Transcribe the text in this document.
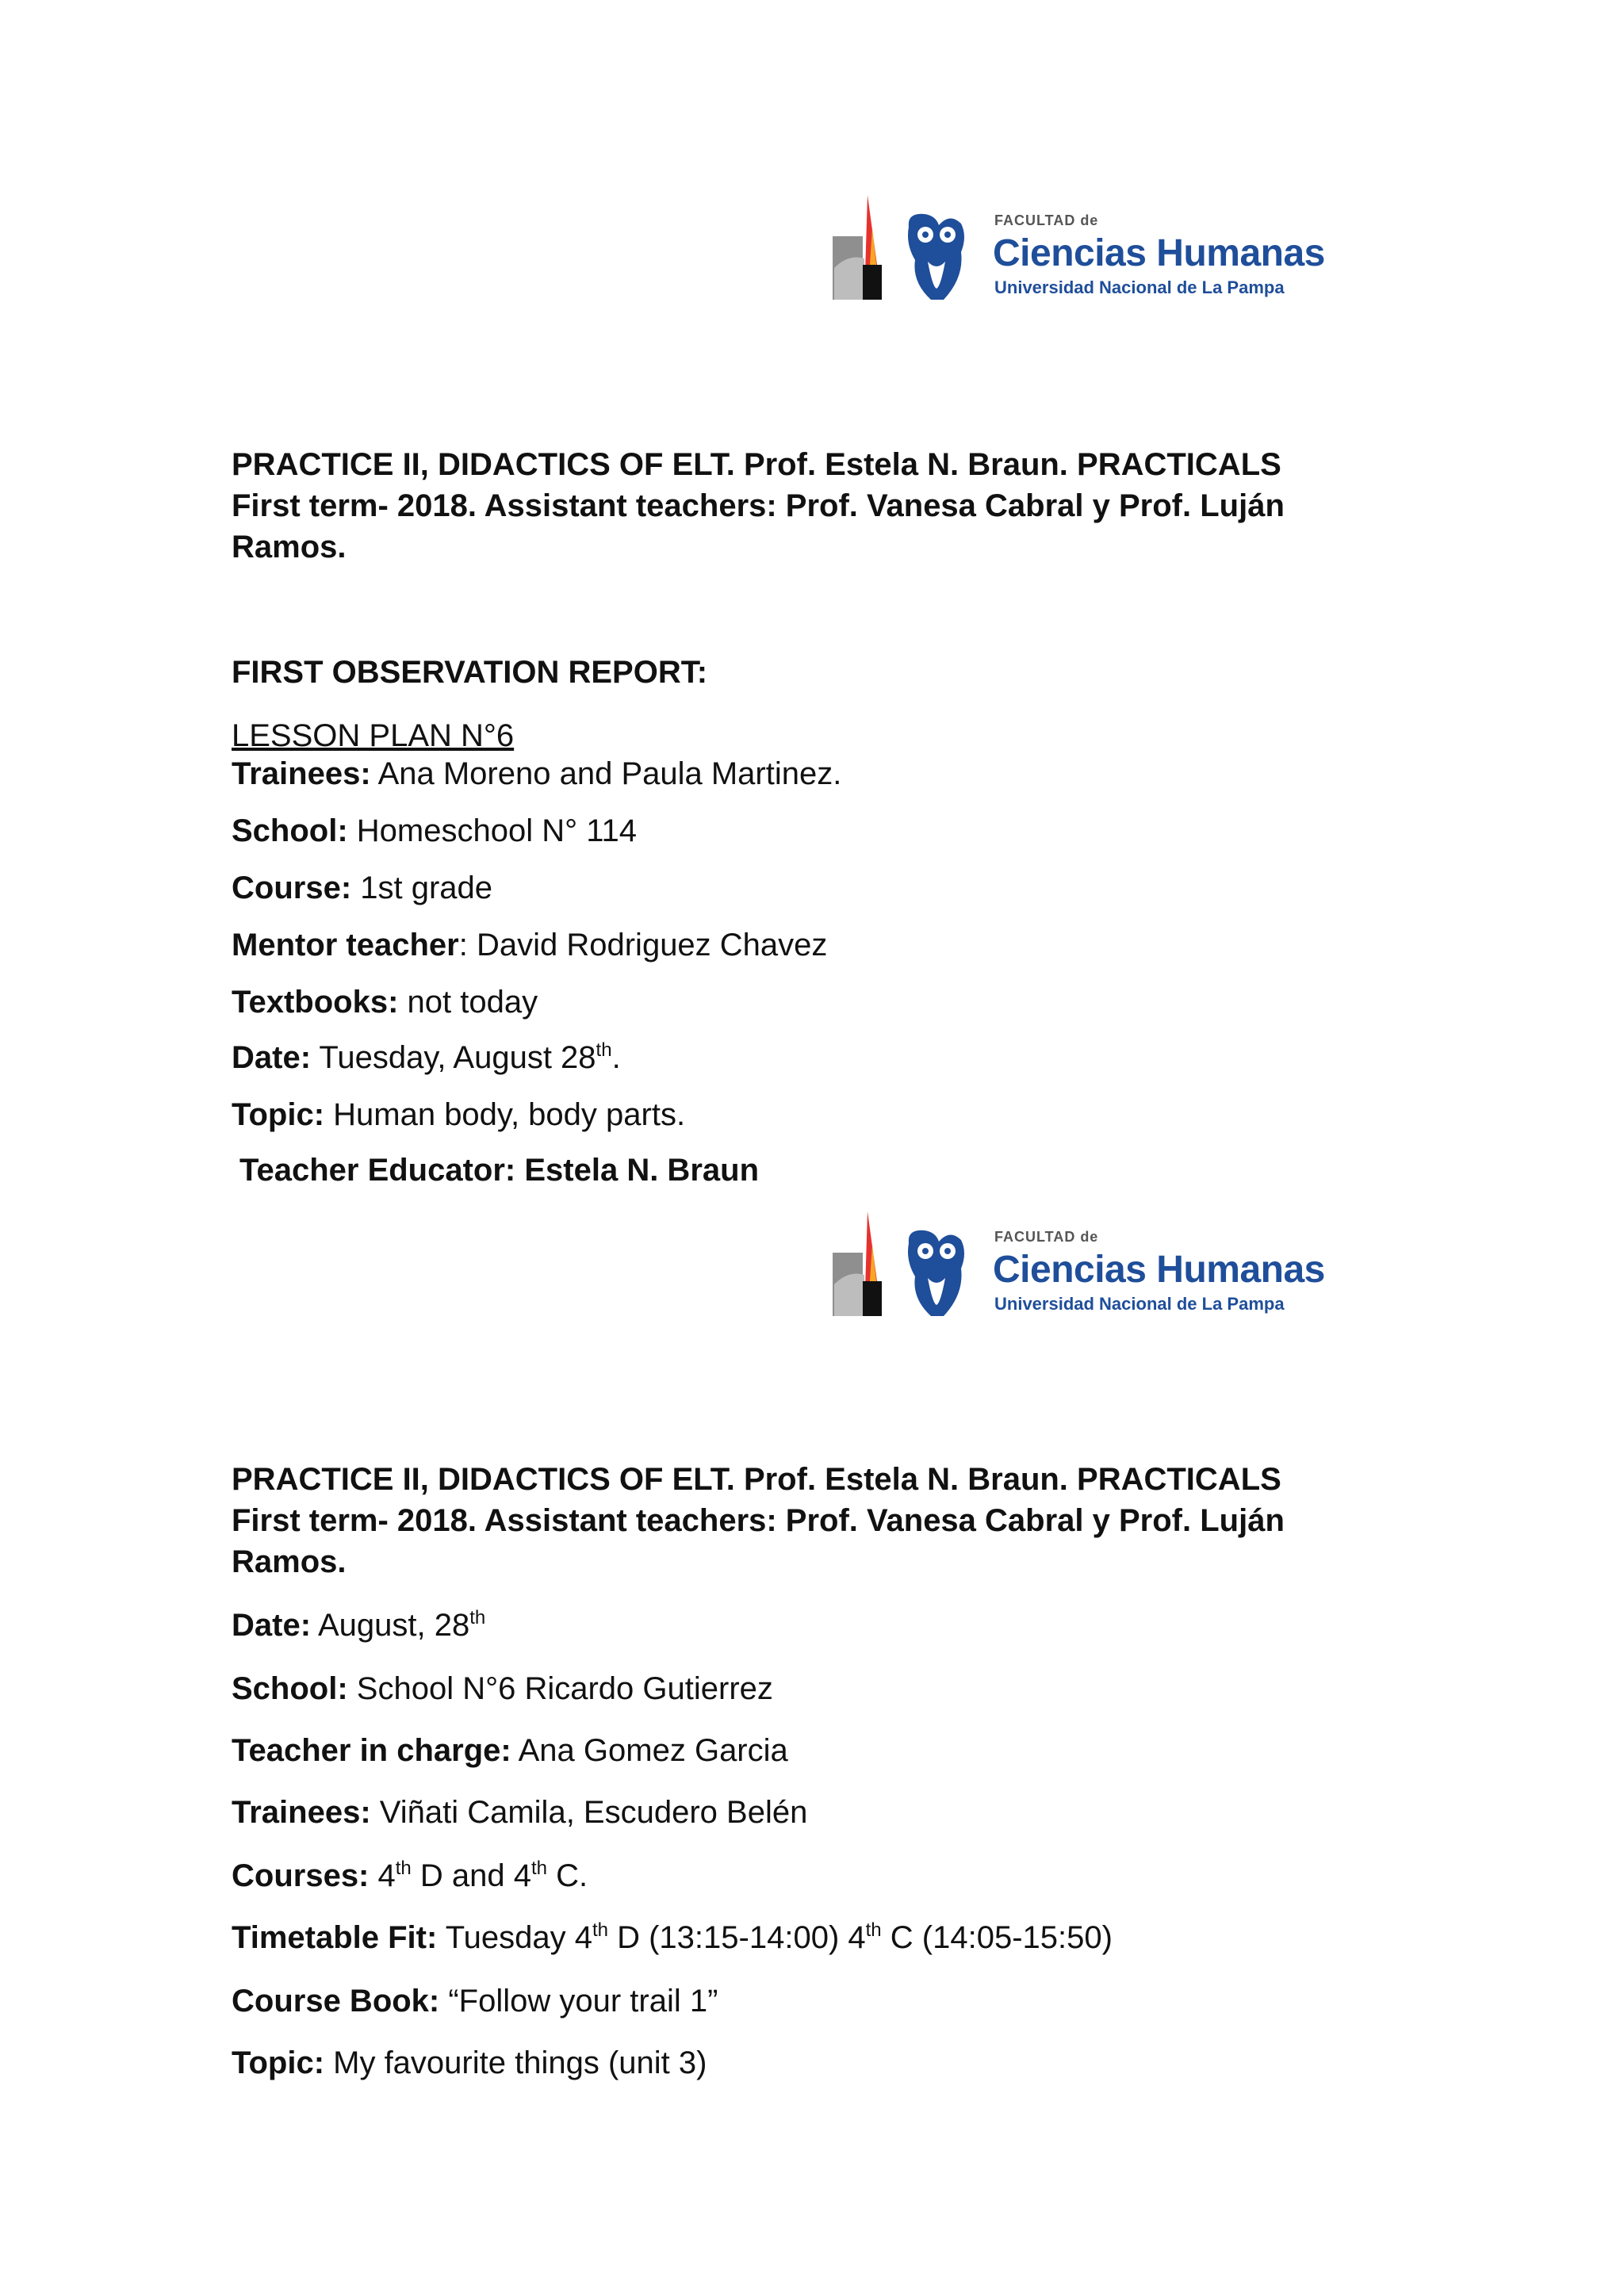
FACULTAD de
Ciencias Humanas
Universidad Nacional de La Pampa
PRACTICE II, DIDACTICS OF ELT. Prof. Estela N. Braun. PRACTICALS
First term- 2018. Assistant teachers: Prof. Vanesa Cabral y Prof. Luján
Ramos.
FIRST OBSERVATION REPORT:
LESSON PLAN N°6
Trainees: Ana Moreno and Paula Martinez.
School: Homeschool N° 114
Course: 1st grade
Mentor teacher: David Rodriguez Chavez
Textbooks: not today
Date: Tuesday, August 28th.
Topic: Human body, body parts.
Teacher Educator: Estela N. Braun
FACULTAD de
Ciencias Humanas
Universidad Nacional de La Pampa
PRACTICE II, DIDACTICS OF ELT. Prof. Estela N. Braun. PRACTICALS
First term- 2018. Assistant teachers: Prof. Vanesa Cabral y Prof. Luján
Ramos.
Date: August, 28th
School: School N°6 Ricardo Gutierrez
Teacher in charge: Ana Gomez Garcia
Trainees: Viñati Camila, Escudero Belén
Courses: 4th D and 4th C.
Timetable Fit: Tuesday 4th D (13:15-14:00) 4th C (14:05-15:50)
Course Book: “Follow your trail 1”
Topic: My favourite things (unit 3)
